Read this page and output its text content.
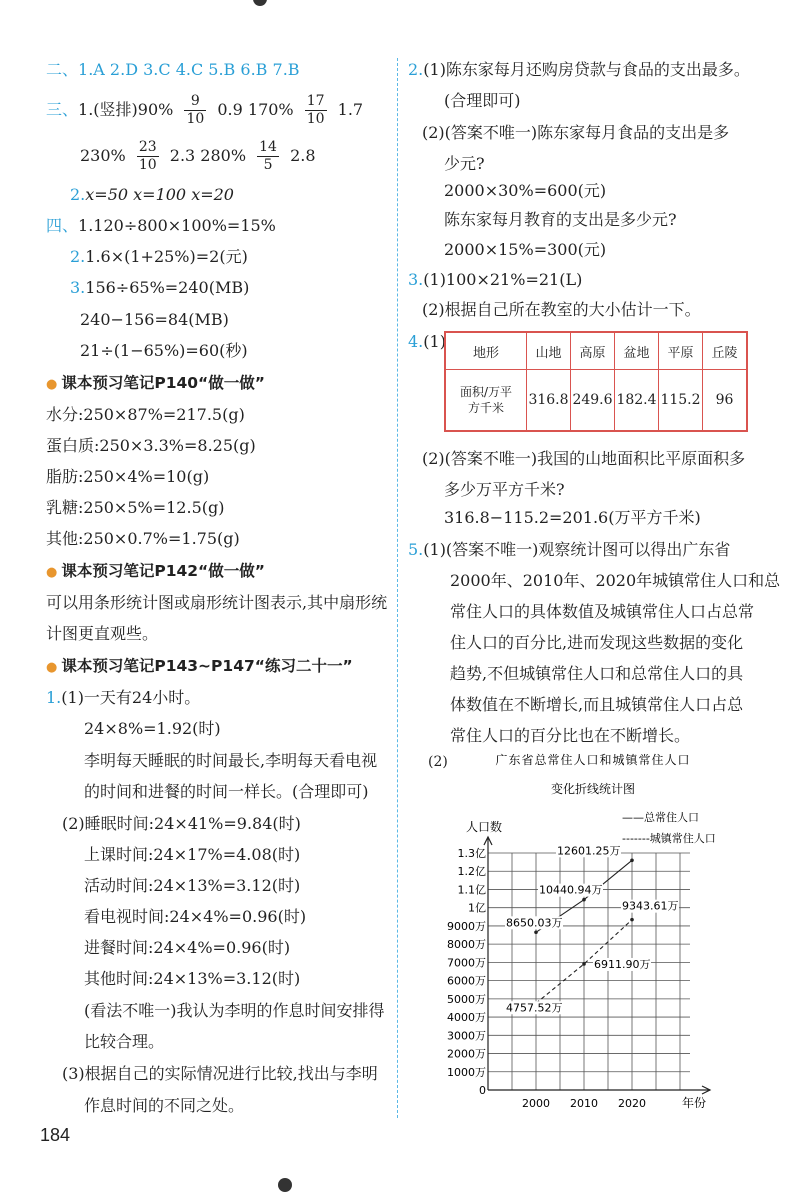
二、1.A 2.D 3.C 4.C 5.B 6.B 7.B
三、1.(竖排)$90\% \frac{9}{10} 0.9$ $170\% \frac{17}{10} 1.7$
$230\% \frac{23}{10} 2.3$ $280\% \frac{14}{5} 2.8$
2.x=50 x=100 x=20
四、1.120÷800×100%=15%
2.1.6×(1+25%)=2(元)
3.156÷65%=240(MB)
240−156=84(MB)
21÷(1−65%)=60(秒)
● 课本预习笔记P140“做一做”
水分:250×87%=217.5(g)
蛋白质:250×3.3%=8.25(g)
脂肪:250×4%=10(g)
乳糖:250×5%=12.5(g)
其他:250×0.7%=1.75(g)
● 课本预习笔记P142“做一做”
可以用条形统计图或扇形统计图表示,其中扇形统
计图更直观些。
● 课本预习笔记P143~P147“练习二十一”
1.(1)一天有24小时。
24×8%=1.92(时)
李明每天睡眠的时间最长,李明每天看电视
的时间和进餐的时间一样长。(合理即可)
(2)睡眠时间:24×41%=9.84(时)
上课时间:24×17%=4.08(时)
活动时间:24×13%=3.12(时)
看电视时间:24×4%=0.96(时)
进餐时间:24×4%=0.96(时)
其他时间:24×13%=3.12(时)
(看法不唯一)我认为李明的作息时间安排得
比较合理。
(3)根据自己的实际情况进行比较,找出与李明
作息时间的不同之处。
184
2.(1)陈东家每月还购房贷款与食品的支出最多。
(合理即可)
(2)(答案不唯一)陈东家每月食品的支出是多
少元?
2000×30%=600(元)
陈东家每月教育的支出是多少元?
2000×15%=300(元)
3.(1)100×21%=21(L)
(2)根据自己所在教室的大小估计一下。
4.(1)
地形	山地	高原	盆地	平原	丘陵

面积/万平
方千米	316.8	249.6	182.4	115.2	96
(2)(答案不唯一)我国的山地面积比平原面积多
多少万平方千米?
316.8−115.2=201.6(万平方千米)
5.(1)(答案不唯一)观察统计图可以得出广东省
2000年、2010年、2020年城镇常住人口和总
常住人口的具体数值及城镇常住人口占总常
住人口的百分比,进而发现这些数据的变化
趋势,不但城镇常住人口和总常住人口的具
体数值在不断增长,而且城镇常住人口占总
常住人口的百分比也在不断增长。
(2)	广东省总常住人口和城镇常住人口
变化折线统计图
人口数
年份
——总常住人口
-------城镇常住人口
0
1000万
2000万
3000万
4000万
5000万
6000万
7000万
8000万
9000万
1亿
1.1亿
1.2亿
1.3亿
2000 2010 2020
8650.03万
10440.94万
12601.25万
4757.52万
6911.90万
9343.61万
